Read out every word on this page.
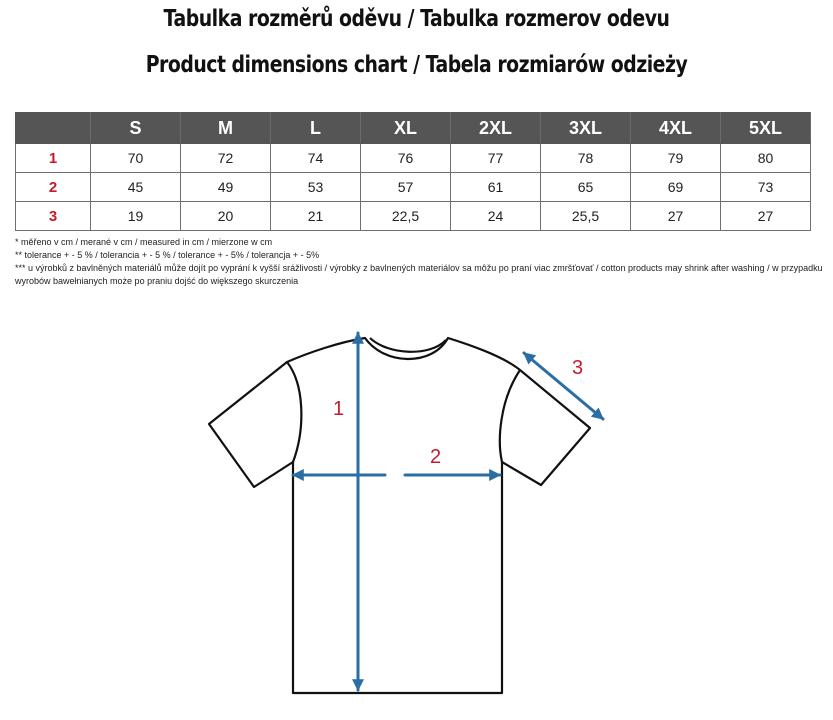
Tabulka rozměrů oděvu / Tabulka rozmerov odevu
Product dimensions chart / Tabela rozmiarów odzieży
	S	M	L	XL	2XL	3XL	4XL	5XL
1	70	72	74	76	77	78	79	80
2	45	49	53	57	61	65	69	73
3	19	20	21	22,5	24	25,5	27	27

* měřeno v cm / merané v cm / measured in cm / mierzone w cm

** tolerance + - 5 % / tolerancia + - 5 % / tolerance + - 5% / tolerancja + - 5%

*** u výrobků z bavlněných materiálů může dojít po vyprání k vyšší srážlivosti / výrobky z bavlnených materiálov sa môžu po praní viac zmršťovať / cotton products may shrink after washing / w przypadku wyrobów bawełnianych może po praniu dojść do większego skurczenia

1
2
3
